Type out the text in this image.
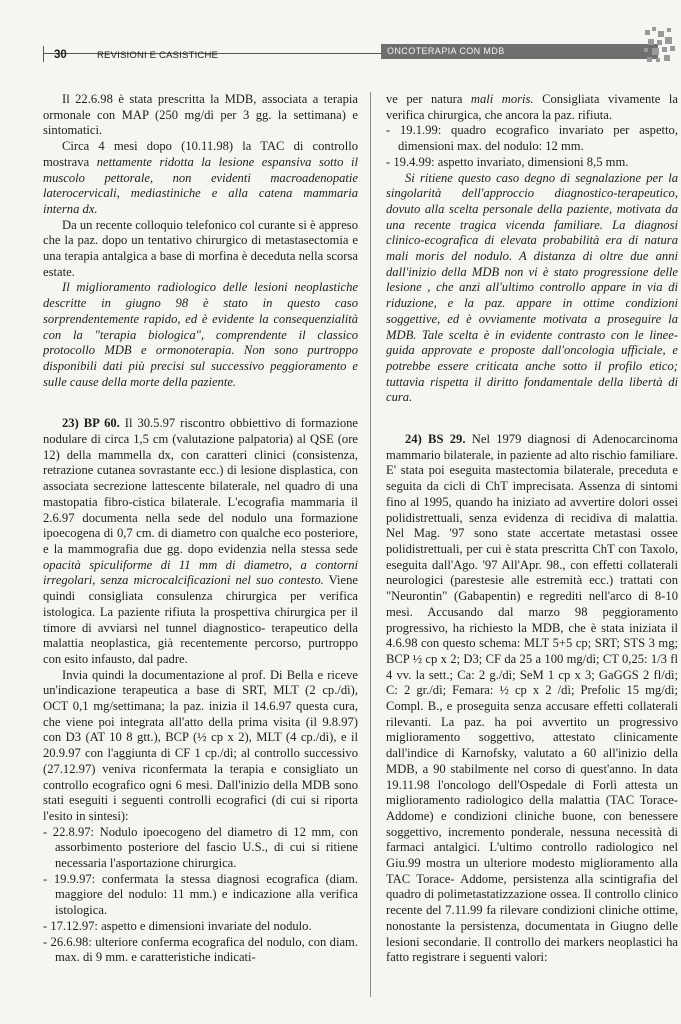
30	REVISIONI E CASISTICHE	ONCOTERAPIA CON MDB

Il 22.6.98 è stata prescritta la MDB, associata a terapia ormonale con MAP (250 mg/dì per 3 gg. la settimana) e sintomatici.

Circa 4 mesi dopo (10.11.98) la TAC di controllo mostrava nettamente ridotta la lesione espansiva sotto il muscolo pettorale, non evidenti macroadenopatie laterocervicali, mediastiniche e alla catena mammaria interna dx.

Da un recente colloquio telefonico col curante si è appreso che la paz. dopo un tentativo chirurgico di metastasectomia e una terapia antalgica a base di morfina è deceduta nella scorsa estate.

Il miglioramento radiologico delle lesioni neoplastiche descritte in giugno 98 è stato in questo caso sorprendentemente rapido, ed è evidente la consequenzialità con la "terapia biologica", comprendente il classico protocollo MDB e ormonoterapia. Non sono purtroppo disponibili dati più precisi sul successivo peggioramento e sulle cause della morte della paziente.

23) BP 60. Il 30.5.97 riscontro obbiettivo di formazione nodulare di circa 1,5 cm (valutazione palpatoria) al QSE (ore 12) della mammella dx, con caratteri clinici (consistenza, retrazione cutanea sovrastante ecc.) di lesione displastica, con associata secrezione lattescente bilaterale, nel quadro di una mastopatia fibro-cistica bilaterale. L'ecografia mammaria il 2.6.97 documenta nella sede del nodulo una formazione ipoecogena di 0,7 cm. di diametro con qualche eco posteriore, e la mammografia due gg. dopo evidenzia nella stessa sede opacità spiculiforme di 11 mm di diametro, a contorni irregolari, senza microcalcificazioni nel suo contesto. Viene quindi consigliata consulenza chirurgica per verifica istologica. La paziente rifiuta la prospettiva chirurgica per il timore di avviarsi nel tunnel diagnostico- terapeutico della malattia neoplastica, già recentemente percorso, purtroppo con esito infausto, dal padre.

Invia quindi la documentazione al prof. Di Bella e riceve un'indicazione terapeutica a base di SRT, MLT (2 cp./dì), OCT 0,1 mg/settimana; la paz. inizia il 14.6.97 questa cura, che viene poi integrata all'atto della prima visita (il 9.8.97) con D3 (AT 10 8 gtt.), BCP (½ cp x 2), MLT (4 cp./dì), e il 20.9.97 con l'aggiunta di CF 1 cp./dì; al controllo successivo (27.12.97) veniva riconfermata la terapia e consigliato un controllo ecografico ogni 6 mesi. Dall'inizio della MDB sono stati eseguiti i seguenti controlli ecografici (di cui si riporta l'esito in sintesi):

- 22.8.97: Nodulo ipoecogeno del diametro di 12 mm, con assorbimento posteriore del fascio U.S., di cui si ritiene necessaria l'asportazione chirurgica.

- 19.9.97: confermata la stessa diagnosi ecografica (diam. maggiore del nodulo: 11 mm.) e indicazione alla verifica istologica.

- 17.12.97: aspetto e dimensioni invariate del nodulo.

- 26.6.98: ulteriore conferma ecografica del nodulo, con diam. max. di 9 mm. e caratteristiche indicati-

ve per natura mali moris. Consigliata vivamente la verifica chirurgica, che ancora la paz. rifiuta.

- 19.1.99: quadro ecografico invariato per aspetto, dimensioni max. del nodulo: 12 mm.

- 19.4.99: aspetto invariato, dimensioni 8,5 mm.

Si ritiene questo caso degno di segnalazione per la singolarità dell'approccio diagnostico-terapeutico, dovuto alla scelta personale della paziente, motivata da una recente tragica vicenda familiare. La diagnosi clinico-ecografica di elevata probabilità era di natura mali moris del nodulo. A distanza di oltre due anni dall'inizio della MDB non vi è stato progressione delle lesione , che anzi all'ultimo controllo appare in via di riduzione, e la paz. appare in ottime condizioni soggettive, ed è ovviamente motivata a proseguire la MDB. Tale scelta è in evidente contrasto con le linee-guida approvate e proposte dall'oncologia ufficiale, e potrebbe essere criticata anche sotto il profilo etico; tuttavia rispetta il diritto fondamentale della libertà di cura.

24) BS 29. Nel 1979 diagnosi di Adenocarcinoma mammario bilaterale, in paziente ad alto rischio familiare. E' stata poi eseguita mastectomia bilaterale, preceduta e seguita da cicli di ChT imprecisata. Assenza di sintomi fino al 1995, quando ha iniziato ad avvertire dolori ossei polidistrettuali, senza evidenza di recidiva di malattia. Nel Mag. '97 sono state accertate metastasi ossee polidistrettuali, per cui è stata prescritta ChT con Taxolo, eseguita dall'Ago. '97 All'Apr. 98., con effetti collaterali neurologici (parestesie alle estremità ecc.) trattati con "Neurontin" (Gabapentin) e regrediti nell'arco di 8-10 mesi. Accusando dal marzo 98 peggioramento progressivo, ha richiesto la MDB, che è stata iniziata il 4.6.98 con questo schema: MLT 5+5 cp; SRT; STS 3 mg; BCP ½ cp x 2; D3; CF da 25 a 100 mg/dì; CT 0,25: 1/3 fl 4 vv. la sett.; Ca: 2 g./dì; SeM 1 cp x 3; GaGGS 2 fl/dì; C: 2 gr./dì; Femara: ½ cp x 2 /dì; Prefolic 15 mg/dì; Compl. B., e proseguita senza accusare effetti collaterali rilevanti. La paz. ha poi avvertito un progressivo miglioramento soggettivo, attestato clinicamente dall'indice di Karnofsky, valutato a 60 all'inizio della MDB, a 90 stabilmente nel corso di quest'anno. In data 19.11.98 l'oncologo dell'Ospedale di Forlì attesta un miglioramento radiologico della malattia (TAC Torace-Addome) e condizioni cliniche buone, con benessere soggettivo, incremento ponderale, nessuna necessità di farmaci antalgici. L'ultimo controllo radiologico nel Giu.99 mostra un ulteriore modesto miglioramento alla TAC Torace- Addome, persistenza alla scintigrafia del quadro di polimetastatizzazione ossea. Il controllo clinico recente del 7.11.99 fa rilevare condizioni cliniche ottime, nonostante la persistenza, documentata in Giugno delle lesioni secondarie. Il controllo dei markers neoplastici ha fatto registrare i seguenti valori:
